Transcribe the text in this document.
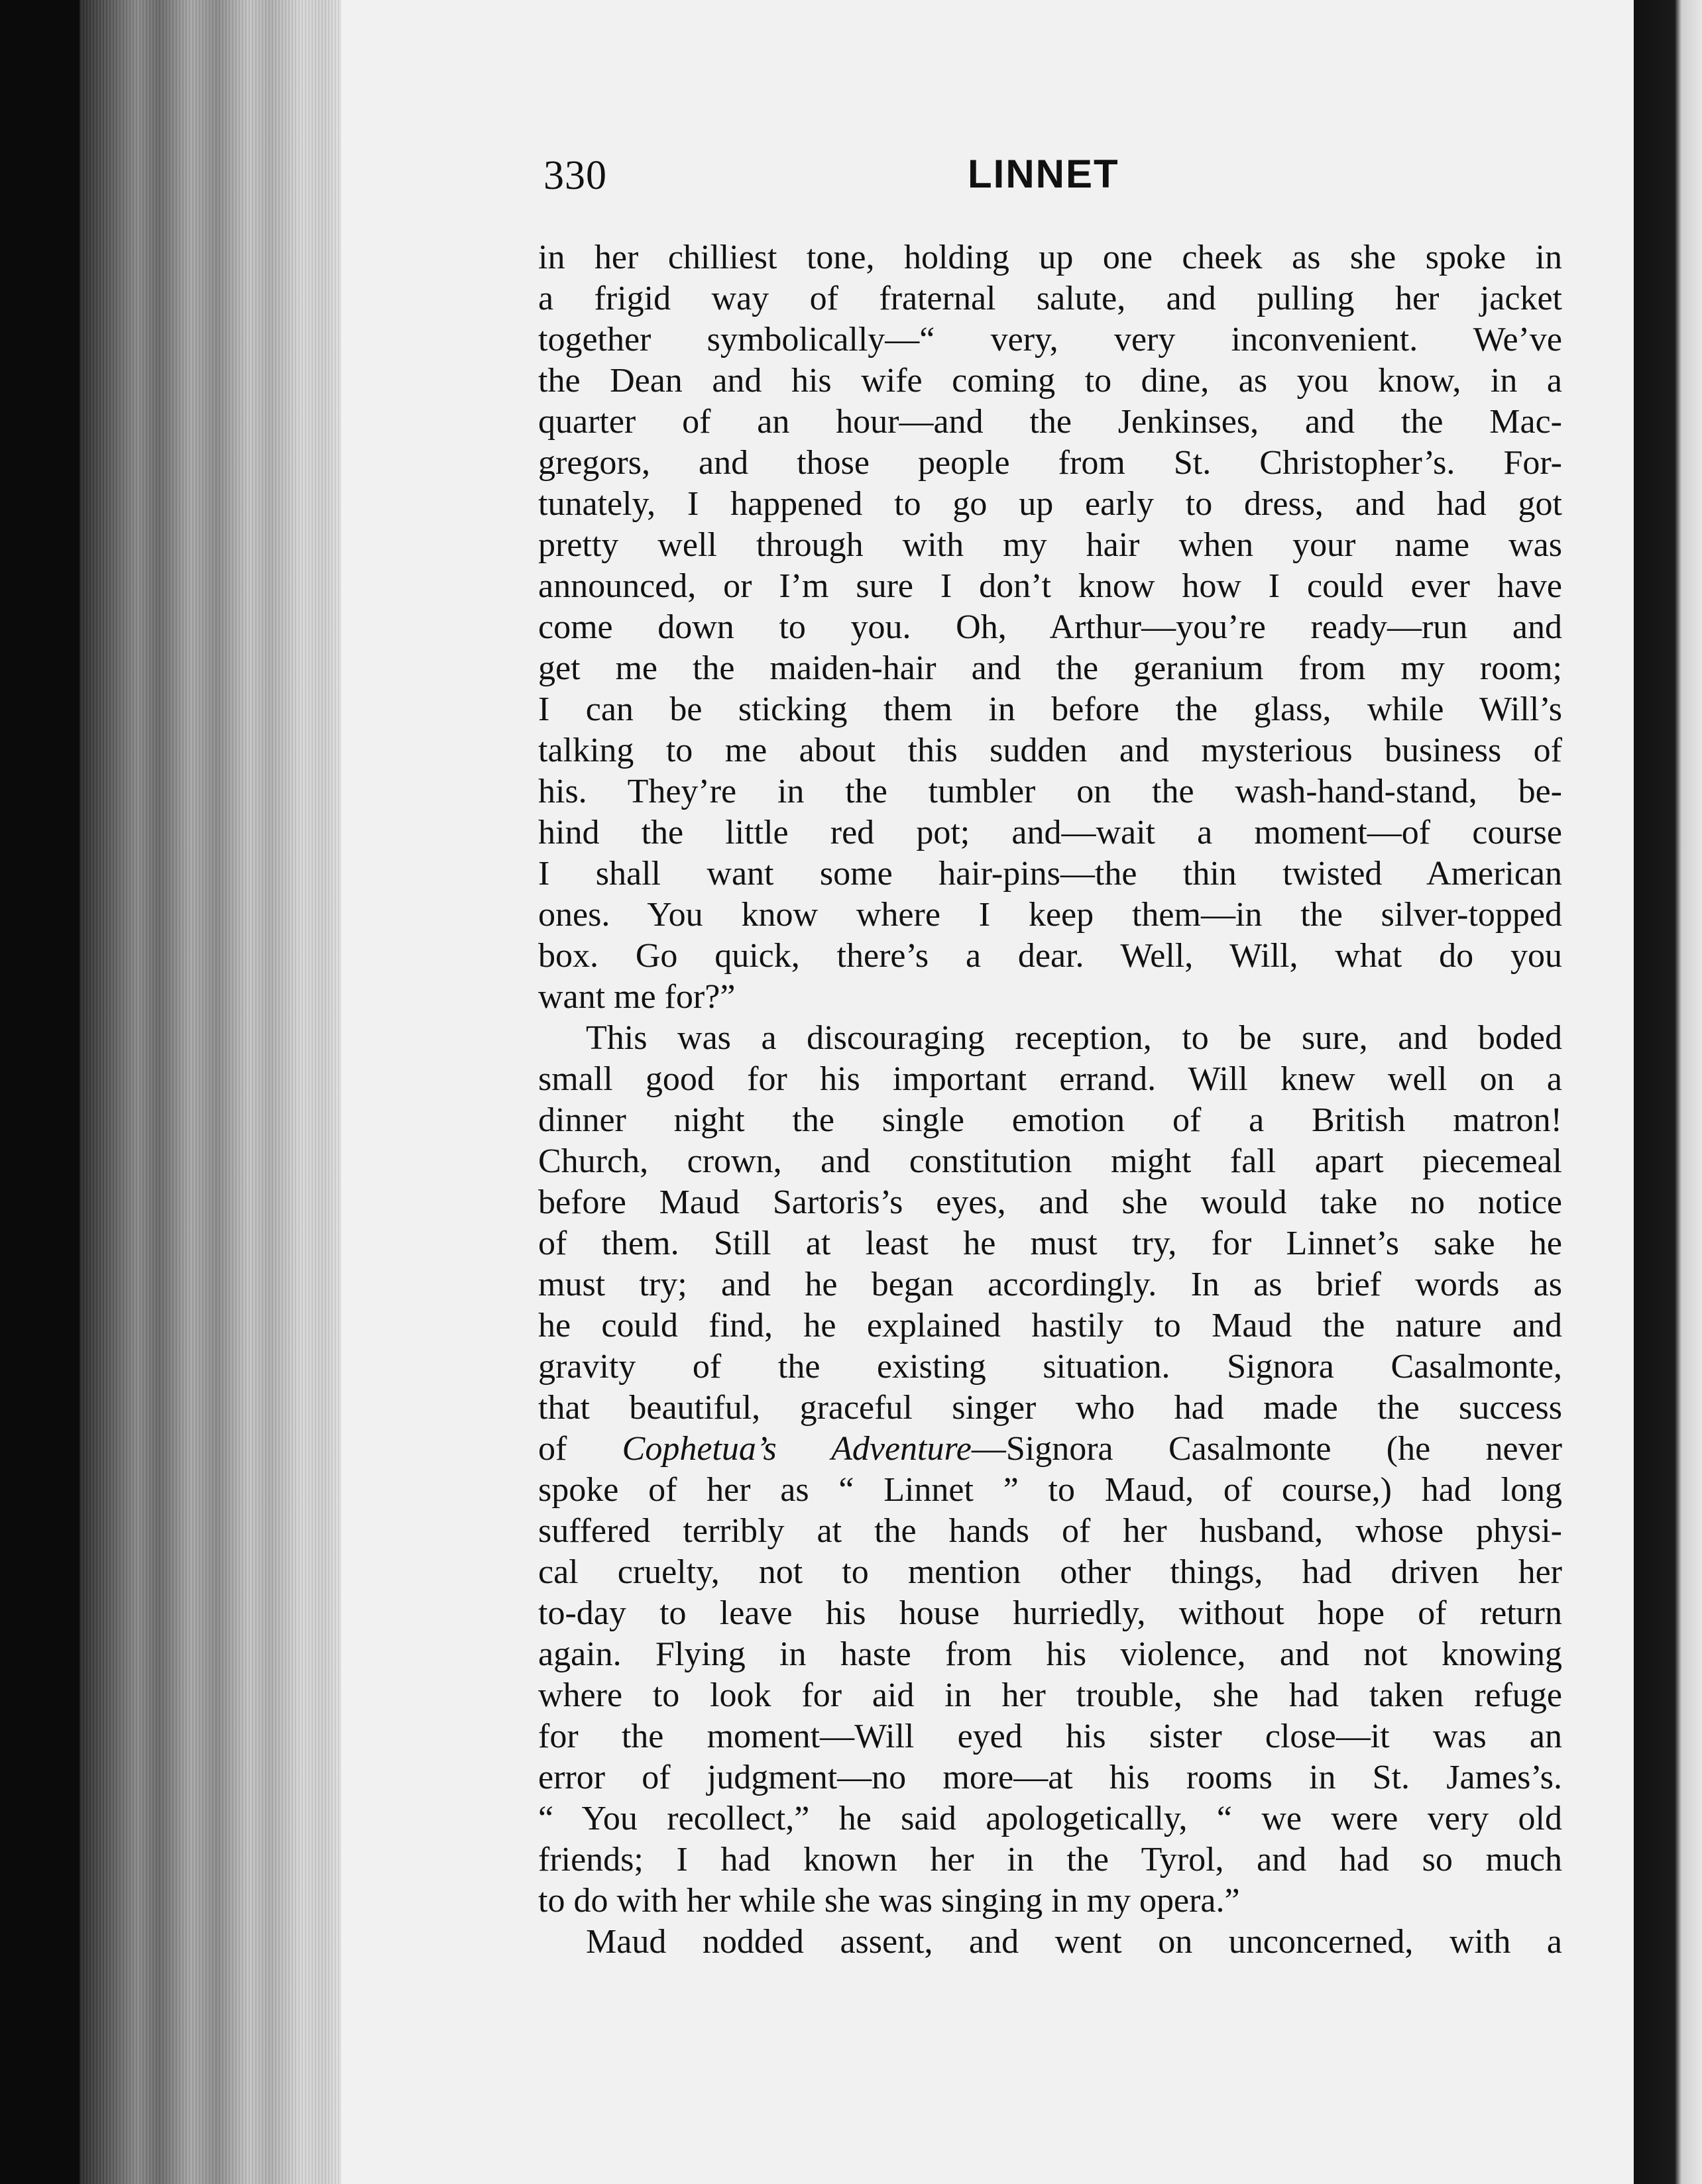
330	LINNET
in her chilliest tone, holding up one cheek as she spoke in
a frigid way of fraternal salute, and pulling her jacket
together symbolically—“ very, very inconvenient. We’ve
the Dean and his wife coming to dine, as you know, in a
quarter of an hour—and the Jenkinses, and the Mac-
gregors, and those people from St. Christopher’s. For-
tunately, I happened to go up early to dress, and had got
pretty well through with my hair when your name was
announced, or I’m sure I don’t know how I could ever have
come down to you. Oh, Arthur—you’re ready—run and
get me the maiden-hair and the geranium from my room;
I can be sticking them in before the glass, while Will’s
talking to me about this sudden and mysterious business of
his. They’re in the tumbler on the wash-hand-stand, be-
hind the little red pot; and—wait a moment—of course
I shall want some hair-pins—the thin twisted American
ones. You know where I keep them—in the silver-topped
box. Go quick, there’s a dear. Well, Will, what do you
want me for?”
This was a discouraging reception, to be sure, and boded
small good for his important errand. Will knew well on a
dinner night the single emotion of a British matron!
Church, crown, and constitution might fall apart piecemeal
before Maud Sartoris’s eyes, and she would take no notice
of them. Still at least he must try, for Linnet’s sake he
must try; and he began accordingly. In as brief words as
he could find, he explained hastily to Maud the nature and
gravity of the existing situation. Signora Casalmonte,
that beautiful, graceful singer who had made the success
of Cophetua’s Adventure—Signora Casalmonte (he never
spoke of her as “ Linnet ” to Maud, of course,) had long
suffered terribly at the hands of her husband, whose physi-
cal cruelty, not to mention other things, had driven her
to-day to leave his house hurriedly, without hope of return
again. Flying in haste from his violence, and not knowing
where to look for aid in her trouble, she had taken refuge
for the moment—Will eyed his sister close—it was an
error of judgment—no more—at his rooms in St. James’s.
“ You recollect,” he said apologetically, “ we were very old
friends; I had known her in the Tyrol, and had so much
to do with her while she was singing in my opera.”
Maud nodded assent, and went on unconcerned, with a
